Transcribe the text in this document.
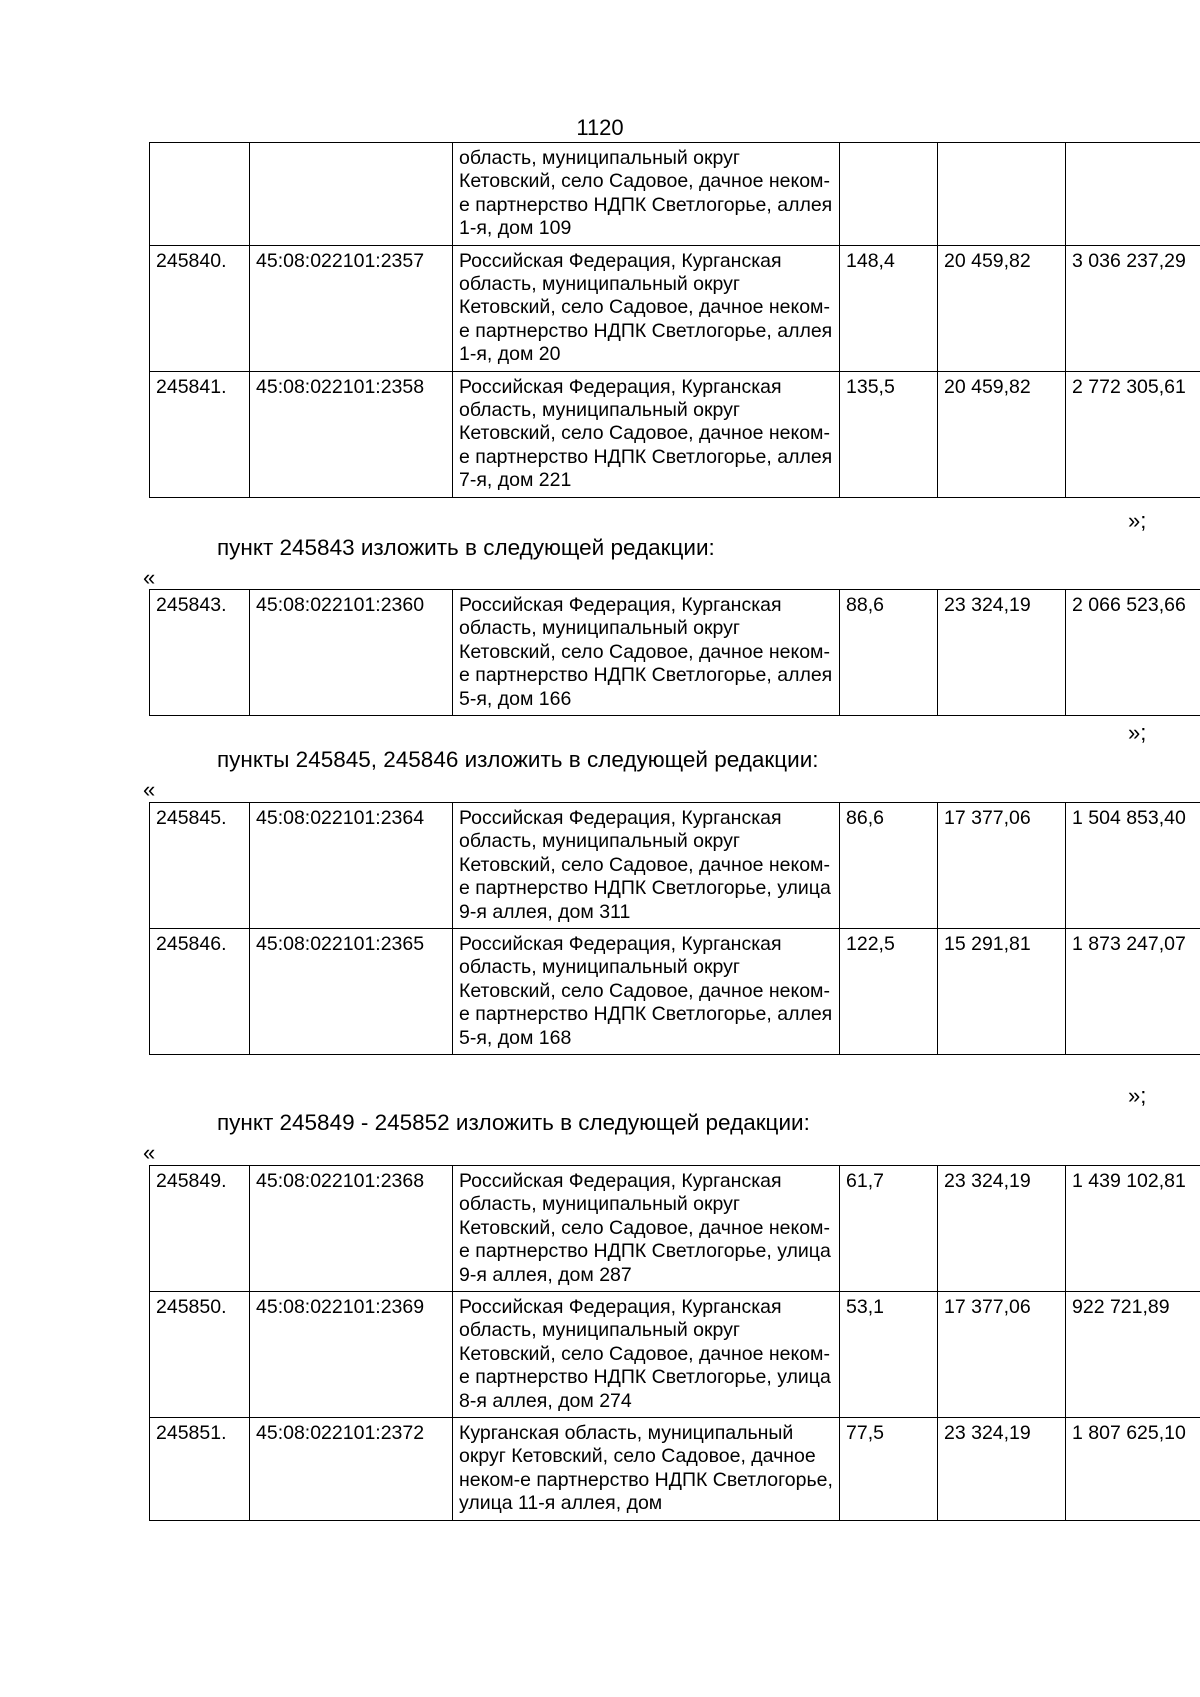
1120
		область, муниципальный округ Кетовский, село Садовое, дачное неком-е партнерство НДПК Светлогорье, аллея 1-я, дом 109			
245840.	45:08:022101:2357	Российская Федерация, Курганская область, муниципальный округ Кетовский, село Садовое, дачное неком-е партнерство НДПК Светлогорье, аллея 1-я, дом 20	148,4	20 459,82	3 036 237,29
245841.	45:08:022101:2358	Российская Федерация, Курганская область, муниципальный округ Кетовский, село Садовое, дачное неком-е партнерство НДПК Светлогорье, аллея 7-я, дом 221	135,5	20 459,82	2 772 305,61
»;
пункт 245843 изложить в следующей редакции:
«
245843.	45:08:022101:2360	Российская Федерация, Курганская область, муниципальный округ Кетовский, село Садовое, дачное неком-е партнерство НДПК Светлогорье, аллея 5-я, дом 166	88,6	23 324,19	2 066 523,66
»;
пункты 245845, 245846 изложить в следующей редакции:
«
245845.	45:08:022101:2364	Российская Федерация, Курганская область, муниципальный округ Кетовский, село Садовое, дачное неком-е партнерство НДПК Светлогорье, улица 9-я аллея, дом 311	86,6	17 377,06	1 504 853,40
245846.	45:08:022101:2365	Российская Федерация, Курганская область, муниципальный округ Кетовский, село Садовое, дачное неком-е партнерство НДПК Светлогорье, аллея 5-я, дом 168	122,5	15 291,81	1 873 247,07
»;
пункт 245849 - 245852 изложить в следующей редакции:
«
245849.	45:08:022101:2368	Российская Федерация, Курганская область, муниципальный округ Кетовский, село Садовое, дачное неком-е партнерство НДПК Светлогорье, улица 9-я аллея, дом 287	61,7	23 324,19	1 439 102,81
245850.	45:08:022101:2369	Российская Федерация, Курганская область, муниципальный округ Кетовский, село Садовое, дачное неком-е партнерство НДПК Светлогорье, улица 8-я аллея, дом 274	53,1	17 377,06	922 721,89
245851.	45:08:022101:2372	Курганская область, муниципальный округ Кетовский, село Садовое, дачное неком-е партнерство НДПК Светлогорье, улица 11-я аллея, дом	77,5	23 324,19	1 807 625,10
